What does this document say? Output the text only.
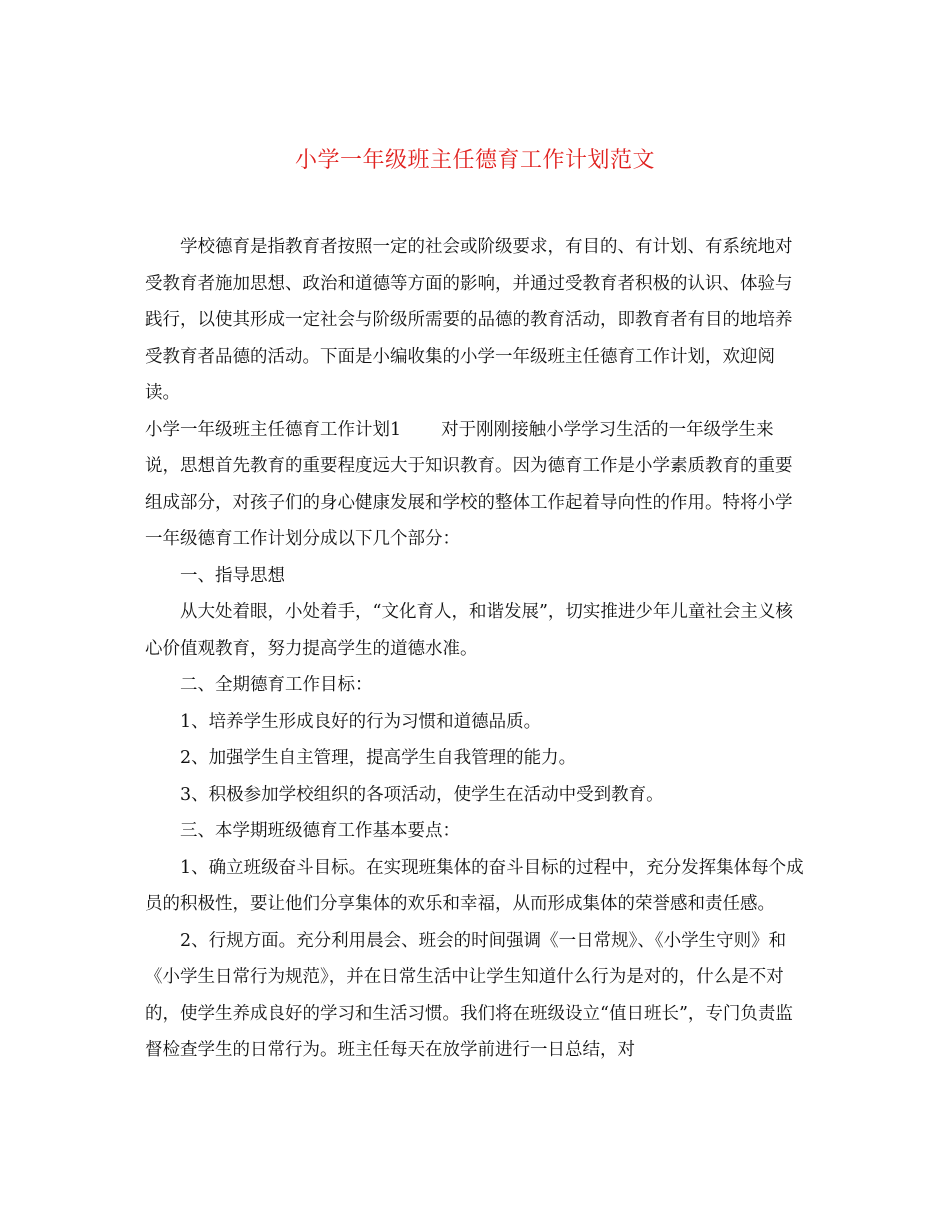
小学一年级班主任德育工作计划范文

学校德育是指教育者按照一定的社会或阶级要求，有目的、有计划、有系统地对受教育者施加思想、政治和道德等方面的影响，并通过受教育者积极的认识、体验与践行，以使其形成一定社会与阶级所需要的品德的教育活动，即教育者有目的地培养受教育者品德的活动。下面是小编收集的小学一年级班主任德育工作计划，欢迎阅读。

小学一年级班主任德育工作计划1 对于刚刚接触小学学习生活的一年级学生来说，思想首先教育的重要程度远大于知识教育。因为德育工作是小学素质教育的重要组成部分，对孩子们的身心健康发展和学校的整体工作起着导向性的作用。特将小学一年级德育工作计划分成以下几个部分：

一、指导思想

从大处着眼，小处着手，“文化育人，和谐发展”，切实推进少年儿童社会主义核心价值观教育，努力提高学生的道德水准。

二、全期德育工作目标：

1、培养学生形成良好的行为习惯和道德品质。

2、加强学生自主管理，提高学生自我管理的能力。

3、积极参加学校组织的各项活动，使学生在活动中受到教育。

三、本学期班级德育工作基本要点：

1、确立班级奋斗目标。在实现班集体的奋斗目标的过程中，充分发挥集体每个成员的积极性，要让他们分享集体的欢乐和幸福，从而形成集体的荣誉感和责任感。

2、行规方面。充分利用晨会、班会的时间强调《一日常规》、《小学生守则》和《小学生日常行为规范》，并在日常生活中让学生知道什么行为是对的，什么是不对的，使学生养成良好的学习和生活习惯。我们将在班级设立“值日班长”，专门负责监督检查学生的日常行为。班主任每天在放学前进行一日总结，对
